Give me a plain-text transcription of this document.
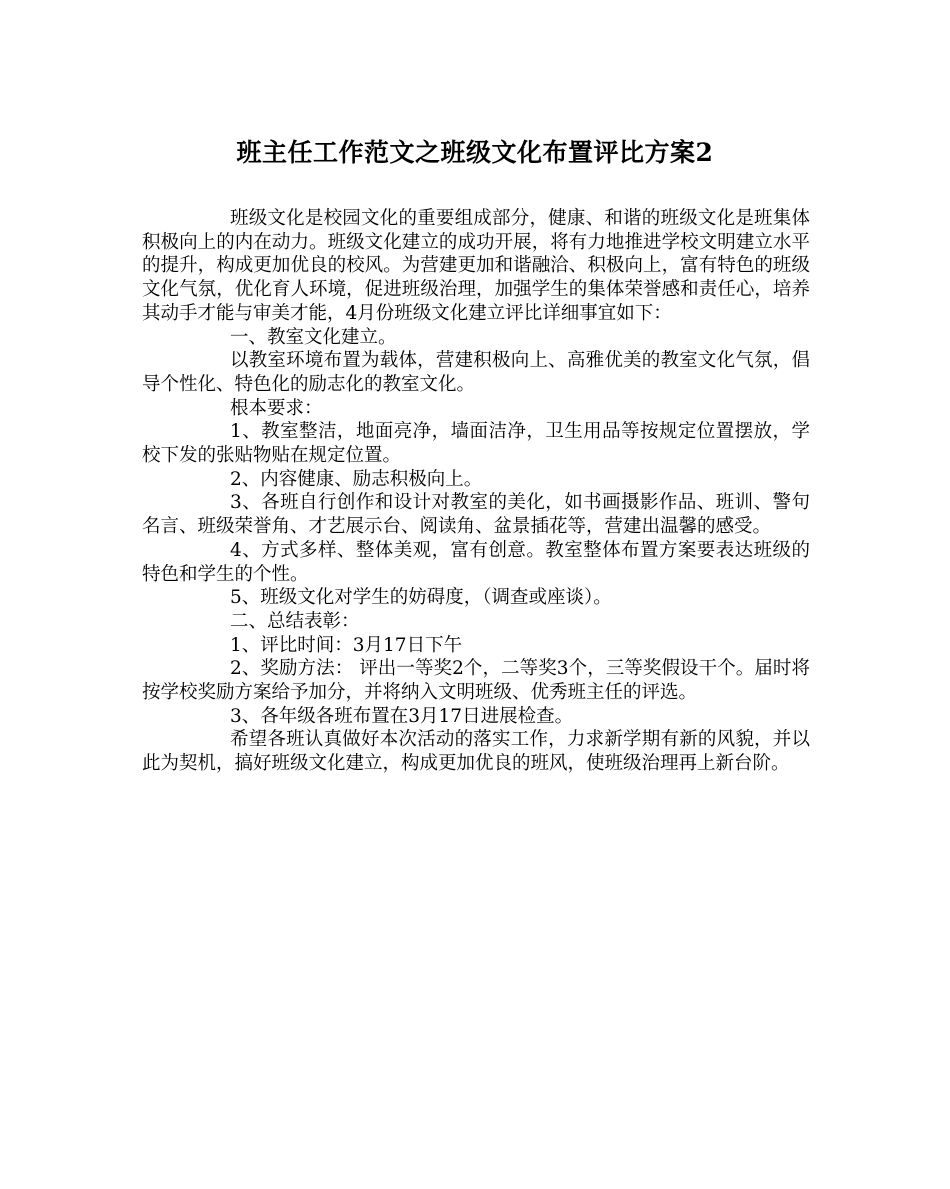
班主任工作范文之班级文化布置评比方案2

班级文化是校园文化的重要组成部分，健康、和谐的班级文化是班集体积极向上的内在动力。班级文化建立的成功开展，将有力地推进学校文明建立水平的提升，构成更加优良的校风。为营建更加和谐融洽、积极向上，富有特色的班级文化气氛，优化育人环境，促进班级治理，加强学生的集体荣誉感和责任心，培养其动手才能与审美才能，4月份班级文化建立评比详细事宜如下：

一、教室文化建立。

以教室环境布置为载体，营建积极向上、高雅优美的教室文化气氛，倡导个性化、特色化的励志化的教室文化。

根本要求：

1、教室整洁，地面亮净，墙面洁净，卫生用品等按规定位置摆放，学校下发的张贴物贴在规定位置。

2、内容健康、励志积极向上。

3、各班自行创作和设计对教室的美化，如书画摄影作品、班训、警句名言、班级荣誉角、才艺展示台、阅读角、盆景插花等，营建出温馨的感受。

4、方式多样、整体美观，富有创意。教室整体布置方案要表达班级的特色和学生的个性。

5、班级文化对学生的妨碍度，（调查或座谈）。

二、总结表彰：

1、评比时间：3月17日下午

2、奖励方法： 评出一等奖2个，二等奖3个，三等奖假设干个。届时将按学校奖励方案给予加分，并将纳入文明班级、优秀班主任的评选。

3、各年级各班布置在3月17日进展检查。

希望各班认真做好本次活动的落实工作，力求新学期有新的风貌，并以此为契机，搞好班级文化建立，构成更加优良的班风，使班级治理再上新台阶。
